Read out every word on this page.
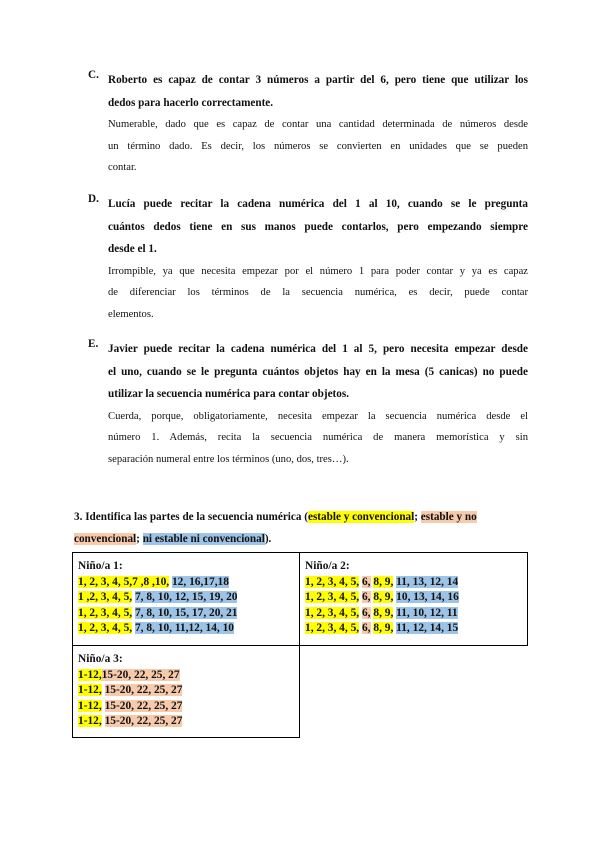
C. Roberto es capaz de contar 3 números a partir del 6, pero tiene que utilizar los
dedos para hacerlo correctamente.
Numerable, dado que es capaz de contar una cantidad determinada de números desde
un término dado. Es decir, los números se convierten en unidades que se pueden
contar.
D. Lucía puede recitar la cadena numérica del 1 al 10, cuando se le pregunta
cuántos dedos tiene en sus manos puede contarlos, pero empezando siempre
desde el 1.
Irrompible, ya que necesita empezar por el número 1 para poder contar y ya es capaz
de diferenciar los términos de la secuencia numérica, es decir, puede contar
elementos.
E. Javier puede recitar la cadena numérica del 1 al 5, pero necesita empezar desde
el uno, cuando se le pregunta cuántos objetos hay en la mesa (5 canicas) no puede
utilizar la secuencia numérica para contar objetos.
Cuerda, porque, obligatoriamente, necesita empezar la secuencia numérica desde el
número 1. Además, recita la secuencia numérica de manera memorística y sin
separación numeral entre los términos (uno, dos, tres…).
3. Identifica las partes de la secuencia numérica (estable y convencional; estable y no
convencional; ni estable ni convencional).
Niño/a 1:
1, 2, 3, 4, 5,7 ,8 ,10, 12, 16,17,18
1 ,2, 3, 4, 5, 7, 8, 10, 12, 15, 19, 20
1, 2, 3, 4, 5, 7, 8, 10, 15, 17, 20, 21
1, 2, 3, 4, 5, 7, 8, 10, 11,12, 14, 10
Niño/a 2:
1, 2, 3, 4, 5, 6, 8, 9, 11, 13, 12, 14
1, 2, 3, 4, 5, 6, 8, 9, 10, 13, 14, 16
1, 2, 3, 4, 5, 6, 8, 9, 11, 10, 12, 11
1, 2, 3, 4, 5, 6, 8, 9, 11, 12, 14, 15
Niño/a 3:
1-12,15-20, 22, 25, 27
1-12, 15-20, 22, 25, 27
1-12, 15-20, 22, 25, 27
1-12, 15-20, 22, 25, 27
